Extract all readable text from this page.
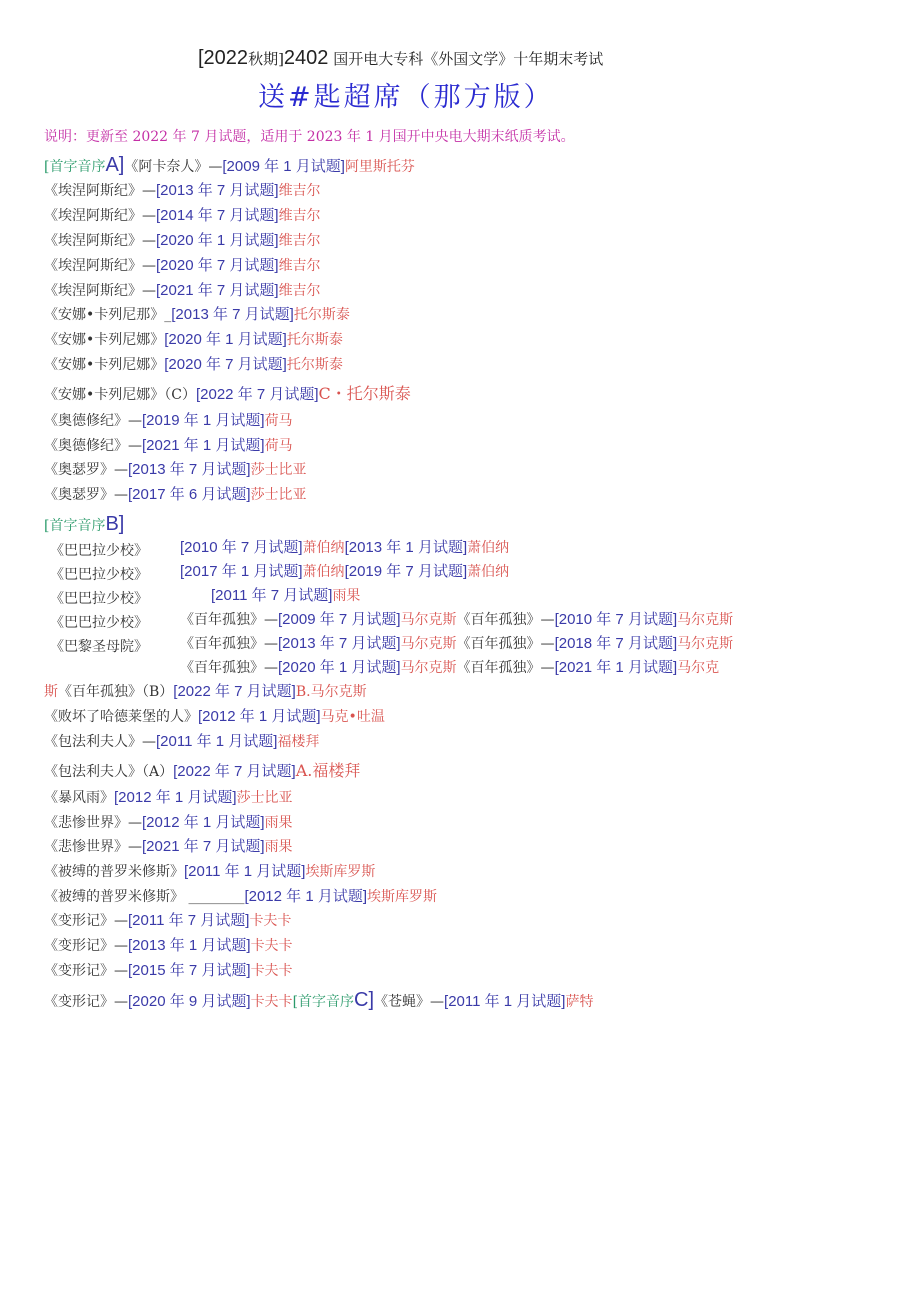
[2022秋期]2402 国开电大专科《外国文学》十年期末考试
送#匙超席（那方版）
说明：更新至 2022 年 7 月试题，适用于 2023 年 1 月国开中央电大期末纸质考试。
[首字音序A]《阿卡奈人》—[2009 年 1 月试题]阿里斯托芬
《埃涅阿斯纪》—[2013 年 7 月试题]维吉尔
《埃涅阿斯纪》—[2014 年 7 月试题]维吉尔
《埃涅阿斯纪》—[2020 年 1 月试题]维吉尔
《埃涅阿斯纪》—[2020 年 7 月试题]维吉尔
《埃涅阿斯纪》—[2021 年 7 月试题]维吉尔
《安娜•卡列尼那》_[2013 年 7 月试题]托尔斯泰
《安娜•卡列尼娜》[2020 年 1 月试题]托尔斯泰
《安娜•卡列尼娜》[2020 年 7 月试题]托尔斯泰
《安娜•卡列尼娜》（C）[2022 年 7 月试题]C・托尔斯泰
《奥德修纪》—[2019 年 1 月试题]荷马
《奥德修纪》—[2021 年 1 月试题]荷马
《奥瑟罗》—[2013 年 7 月试题]莎士比亚
《奥瑟罗》—[2017 年 6 月试题]莎士比亚
[首字音序B]
《巴巴拉少校》
《巴巴拉少校》
《巴巴拉少校》
《巴巴拉少校》
《巴黎圣母院》
[2010 年 7 月试题]萧伯纳[2013 年 1 月试题]萧伯纳
[2017 年 1 月试题]萧伯纳[2019 年 7 月试题]萧伯纳
[2011 年 7 月试题]雨果
《百年孤独》—[2009 年 7 月试题]马尔克斯《百年孤独》—[2010 年 7 月试题]马尔克斯
《百年孤独》—[2013 年 7 月试题]马尔克斯《百年孤独》—[2018 年 7 月试题]马尔克斯
《百年孤独》—[2020 年 1 月试题]马尔克斯《百年孤独》—[2021 年 1 月试题]马尔克
斯《百年孤独》（B）[2022 年 7 月试题]B.马尔克斯
《败坏了哈德莱堡的人》[2012 年 1 月试题]马克•吐温
《包法利夫人》—[2011 年 1 月试题]福楼拜
《包法利夫人》（A）[2022 年 7 月试题]A.福楼拜
《暴风雨》[2012 年 1 月试题]莎士比亚
《悲惨世界》—[2012 年 1 月试题]雨果
《悲惨世界》—[2021 年 7 月试题]雨果
《被缚的普罗米修斯》[2011 年 1 月试题]埃斯库罗斯
《被缚的普罗米修斯》 ________[2012 年 1 月试题]埃斯库罗斯
《变形记》—[2011 年 7 月试题]卡夫卡
《变形记》—[2013 年 1 月试题]卡夫卡
《变形记》—[2015 年 7 月试题]卡夫卡
《变形记》—[2020 年 9 月试题]卡夫卡[首字音序C]《苍蝇》—[2011 年 1 月试题]萨特
